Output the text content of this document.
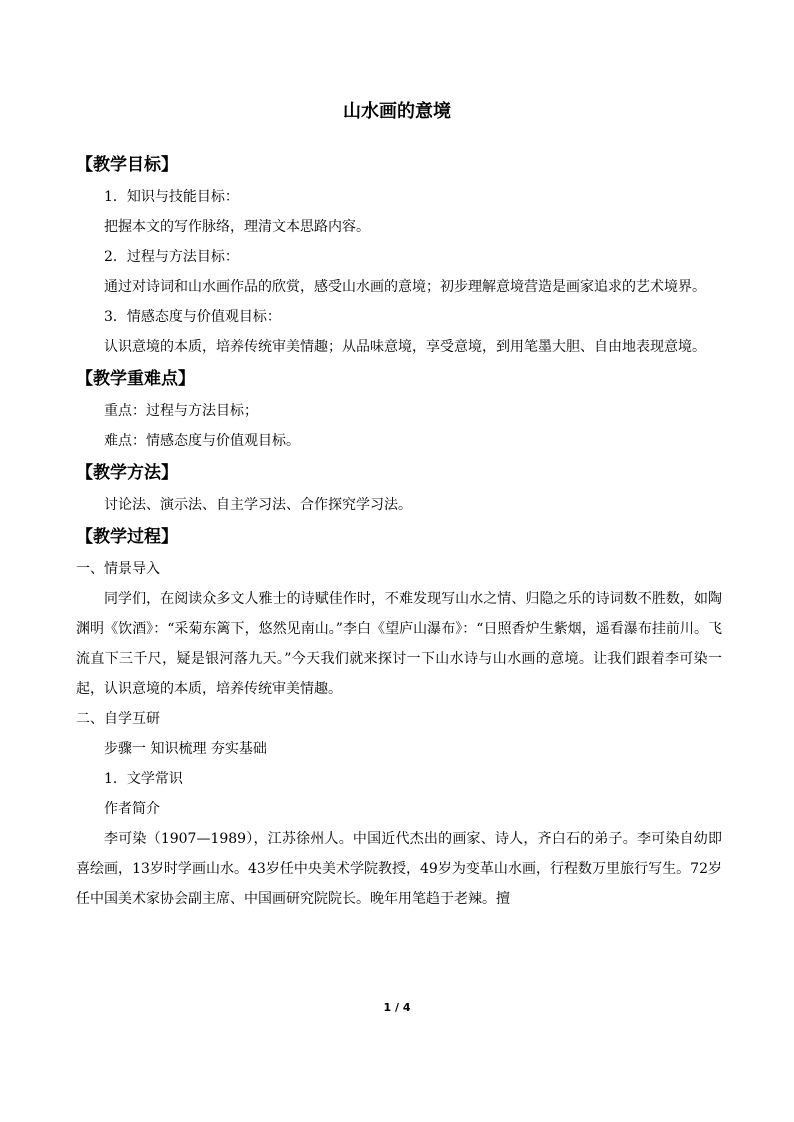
山水画的意境
【教学目标】

1．知识与技能目标：

把握本文的写作脉络，理清文本思路内容。

2．过程与方法目标：

通过对诗词和山水画作品的欣赏，感受山水画的意境；初步理解意境营造是画家追求的艺术境界。

3．情感态度与价值观目标：

认识意境的本质，培养传统审美情趣；从品味意境，享受意境，到用笔墨大胆、自由地表现意境。

【教学重难点】

重点：过程与方法目标；

难点：情感态度与价值观目标。

【教学方法】

讨论法、演示法、自主学习法、合作探究学习法。

【教学过程】

一、情景导入

同学们，在阅读众多文人雅士的诗赋佳作时，不难发现写山水之情、归隐之乐的诗词数不胜数，如陶渊明《饮酒》：“采菊东篱下，悠然见南山。”李白《望庐山瀑布》：“日照香炉生紫烟，遥看瀑布挂前川。飞流直下三千尺，疑是银河落九天。”今天我们就来探讨一下山水诗与山水画的意境。让我们跟着李可染一起，认识意境的本质，培养传统审美情趣。

二、自学互研

步骤一 知识梳理 夯实基础

1．文学常识

作者简介

李可染（1907—1989），江苏徐州人。中国近代杰出的画家、诗人，齐白石的弟子。李可染自幼即喜绘画，13岁时学画山水。43岁任中央美术学院教授，49岁为变革山水画，行程数万里旅行写生。72岁任中国美术家协会副主席、中国画研究院院长。晚年用笔趋于老辣。擅

1 / 4
